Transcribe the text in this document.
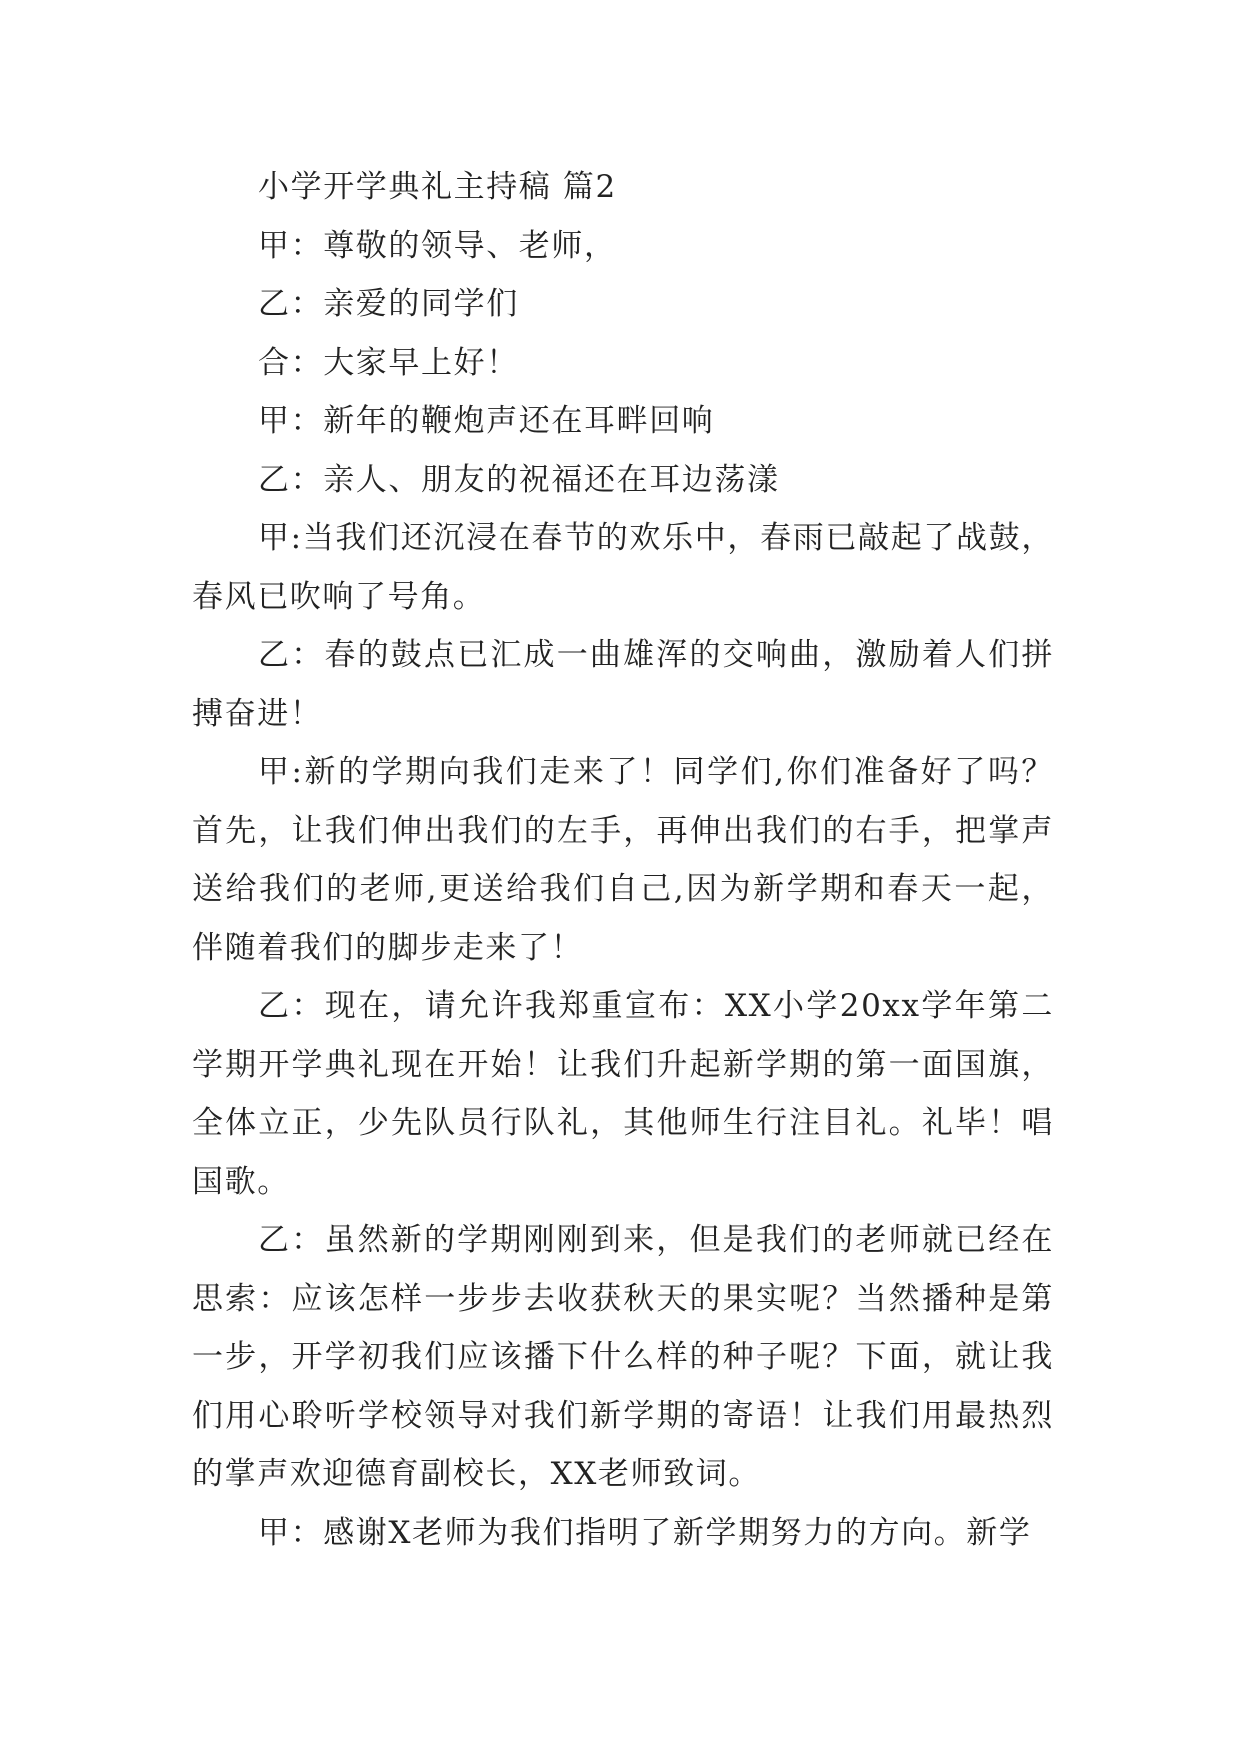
小学开学典礼主持稿 篇2

甲：尊敬的领导、老师，

乙：亲爱的同学们

合：大家早上好！

甲：新年的鞭炮声还在耳畔回响

乙：亲人、朋友的祝福还在耳边荡漾

甲:当我们还沉浸在春节的欢乐中，春雨已敲起了战鼓，春风已吹响了号角。

乙：春的鼓点已汇成一曲雄浑的交响曲，激励着人们拼搏奋进！

甲:新的学期向我们走来了！同学们,你们准备好了吗？首先，让我们伸出我们的左手，再伸出我们的右手，把掌声送给我们的老师,更送给我们自己,因为新学期和春天一起，伴随着我们的脚步走来了！

乙：现在，请允许我郑重宣布：XX小学20xx学年第二学期开学典礼现在开始！让我们升起新学期的第一面国旗，全体立正，少先队员行队礼，其他师生行注目礼。礼毕！唱国歌。

乙：虽然新的学期刚刚到来，但是我们的老师就已经在思索：应该怎样一步步去收获秋天的果实呢？当然播种是第一步，开学初我们应该播下什么样的种子呢？下面，就让我们用心聆听学校领导对我们新学期的寄语！让我们用最热烈的掌声欢迎德育副校长，XX老师致词。

甲：感谢X老师为我们指明了新学期努力的方向。新学
